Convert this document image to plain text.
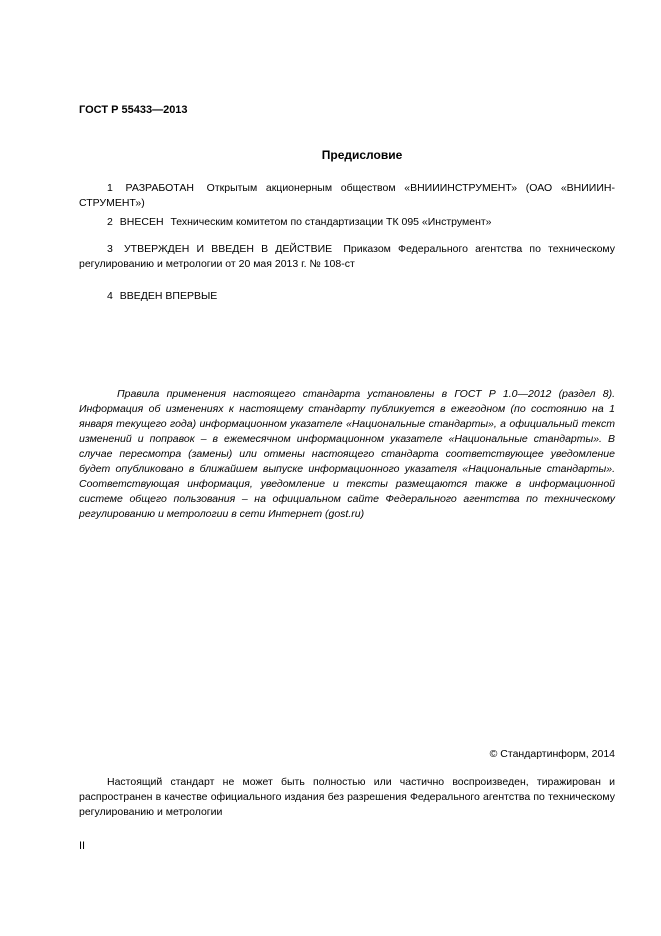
ГОСТ Р 55433—2013
Предисловие
1 РАЗРАБОТАН Открытым акционерным обществом «ВНИИИНСТРУМЕНТ» (ОАО «ВНИИИН-СТРУМЕНТ»)
2 ВНЕСЕН Техническим комитетом по стандартизации ТК 095 «Инструмент»
3 УТВЕРЖДЕН И ВВЕДЕН В ДЕЙСТВИЕ Приказом Федерального агентства по техническому регулированию и метрологии от 20 мая 2013 г. № 108-ст
4 ВВЕДЕН ВПЕРВЫЕ
Правила применения настоящего стандарта установлены в ГОСТ Р 1.0—2012 (раздел 8). Информация об изменениях к настоящему стандарту публикуется в ежегодном (по состоянию на 1 января текущего года) информационном указателе «Национальные стандарты», а официальный текст изменений и поправок – в ежемесячном информационном указателе «Национальные стандарты». В случае пересмотра (замены) или отмены настоящего стандарта соответствующее уведомление будет опубликовано в ближайшем выпуске информационного указателя «Национальные стандарты». Соответствующая информация, уведомление и тексты размещаются также в информационной системе общего пользования – на официальном сайте Федерального агентства по техническому регулированию и метрологии в сети Интернет (gost.ru)
© Стандартинформ, 2014
Настоящий стандарт не может быть полностью или частично воспроизведен, тиражирован и распространен в качестве официального издания без разрешения Федерального агентства по техническому регулированию и метрологии
II
